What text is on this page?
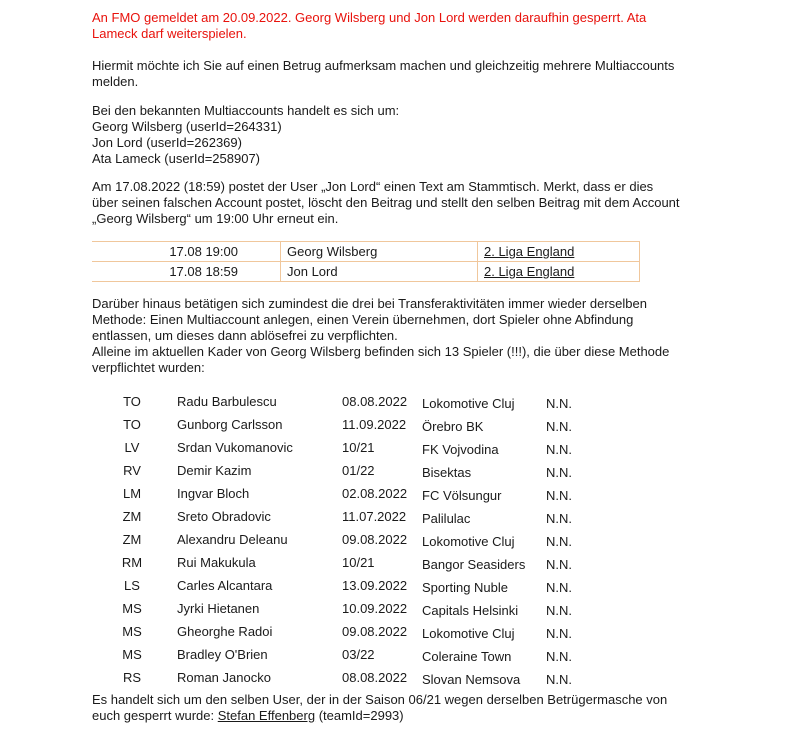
An FMO gemeldet am 20.09.2022. Georg Wilsberg und Jon Lord werden daraufhin gesperrt. Ata
Lameck darf weiterspielen.

Hiermit möchte ich Sie auf einen Betrug aufmerksam machen und gleichzeitig mehrere Multiaccounts
melden.

Bei den bekannten Multiaccounts handelt es sich um:
Georg Wilsberg (userId=264331)
Jon Lord (userId=262369)
Ata Lameck (userId=258907)

Am 17.08.2022 (18:59) postet der User „Jon Lord“ einen Text am Stammtisch. Merkt, dass er dies
über seinen falschen Account postet, löscht den Beitrag und stellt den selben Beitrag mit dem Account
„Georg Wilsberg“ um 19:00 Uhr erneut ein.

17.08 19:00	Georg Wilsberg	2. Liga England
17.08 18:59	Jon Lord	2. Liga England

Darüber hinaus betätigen sich zumindest die drei bei Transferaktivitäten immer wieder derselben
Methode: Einen Multiaccount anlegen, einen Verein übernehmen, dort Spieler ohne Abfindung
entlassen, um dieses dann ablösefrei zu verpflichten.
Alleine im aktuellen Kader von Georg Wilsberg befinden sich 13 Spieler (!!!), die über diese Methode
verpflichtet wurden:

TO	Radu Barbulescu	08.08.2022	Lokomotive Cluj	N.N.
TO	Gunborg Carlsson	11.09.2022	Örebro BK	N.N.
LV	Srdan Vukomanovic	10/21	FK Vojvodina	N.N.
RV	Demir Kazim	01/22	Bisektas	N.N.
LM	Ingvar Bloch	02.08.2022	FC Völsungur	N.N.
ZM	Sreto Obradovic	11.07.2022	Palilulac	N.N.
ZM	Alexandru Deleanu	09.08.2022	Lokomotive Cluj	N.N.
RM	Rui Makukula	10/21	Bangor Seasiders	N.N.
LS	Carles Alcantara	13.09.2022	Sporting Nuble	N.N.
MS	Jyrki Hietanen	10.09.2022	Capitals Helsinki	N.N.
MS	Gheorghe Radoi	09.08.2022	Lokomotive Cluj	N.N.
MS	Bradley O'Brien	03/22	Coleraine Town	N.N.
RS	Roman Janocko	08.08.2022	Slovan Nemsova	N.N.

Es handelt sich um den selben User, der in der Saison 06/21 wegen derselben Betrügermasche von
euch gesperrt wurde: Stefan Effenberg (teamId=2993)
